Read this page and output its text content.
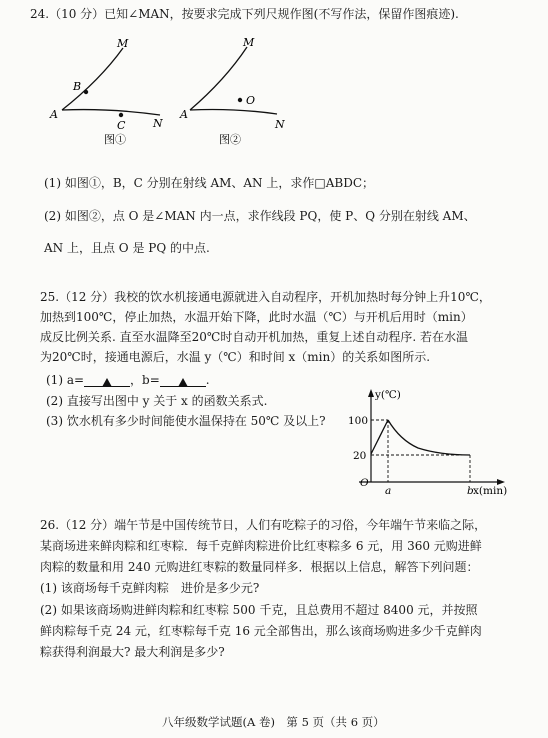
24.（10 分）已知∠MAN，按要求完成下列尺规作图(不写作法，保留作图痕迹).
M
B
A
C	N
图①
M
O
A
N
图②
y(℃)
100
20
O
a	b x(min)
(1) 如图①，B，C 分别在射线 AM、AN 上，求作□ABDC；
(2) 如图②，点 O 是∠MAN 内一点，求作线段 PQ，使 P、Q 分别在射线 AM、
AN 上，且点 O 是 PQ 的中点.
25.（12 分）我校的饮水机接通电源就进入自动程序，开机加热时每分钟上升10℃，
加热到100℃，停止加热，水温开始下降，此时水温（℃）与开机后用时（min）
成反比例关系. 直至水温降至20℃时自动开机加热，重复上述自动程序. 若在水温
为20℃时，接通电源后，水温 y（℃）和时间 x（min）的关系如图所示.
(1) a=	，b=	.
(2) 直接写出图中 y 关于 x 的函数关系式.
(3) 饮水机有多少时间能使水温保持在 50℃ 及以上?
26.（12 分）端午节是中国传统节日，人们有吃粽子的习俗，今年端午节来临之际，
某商场进来鲜肉粽和红枣粽．每千克鲜肉粽进价比红枣粽多 6 元，用 360 元购进鲜
肉粽的数量和用 240 元购进红枣粽的数量同样多．根据以上信息，解答下列问题：
(1) 该商场每千克鲜肉粽　进价是多少元?
(2) 如果该商场购进鲜肉粽和红枣粽 500 千克，且总费用不超过 8400 元，并按照
鲜肉粽每千克 24 元，红枣粽每千克 16 元全部售出，那么该商场购进多少千克鲜肉
粽获得利润最大? 最大利润是多少?
八年级数学试题(A 卷)　第 5 页（共 6 页）
